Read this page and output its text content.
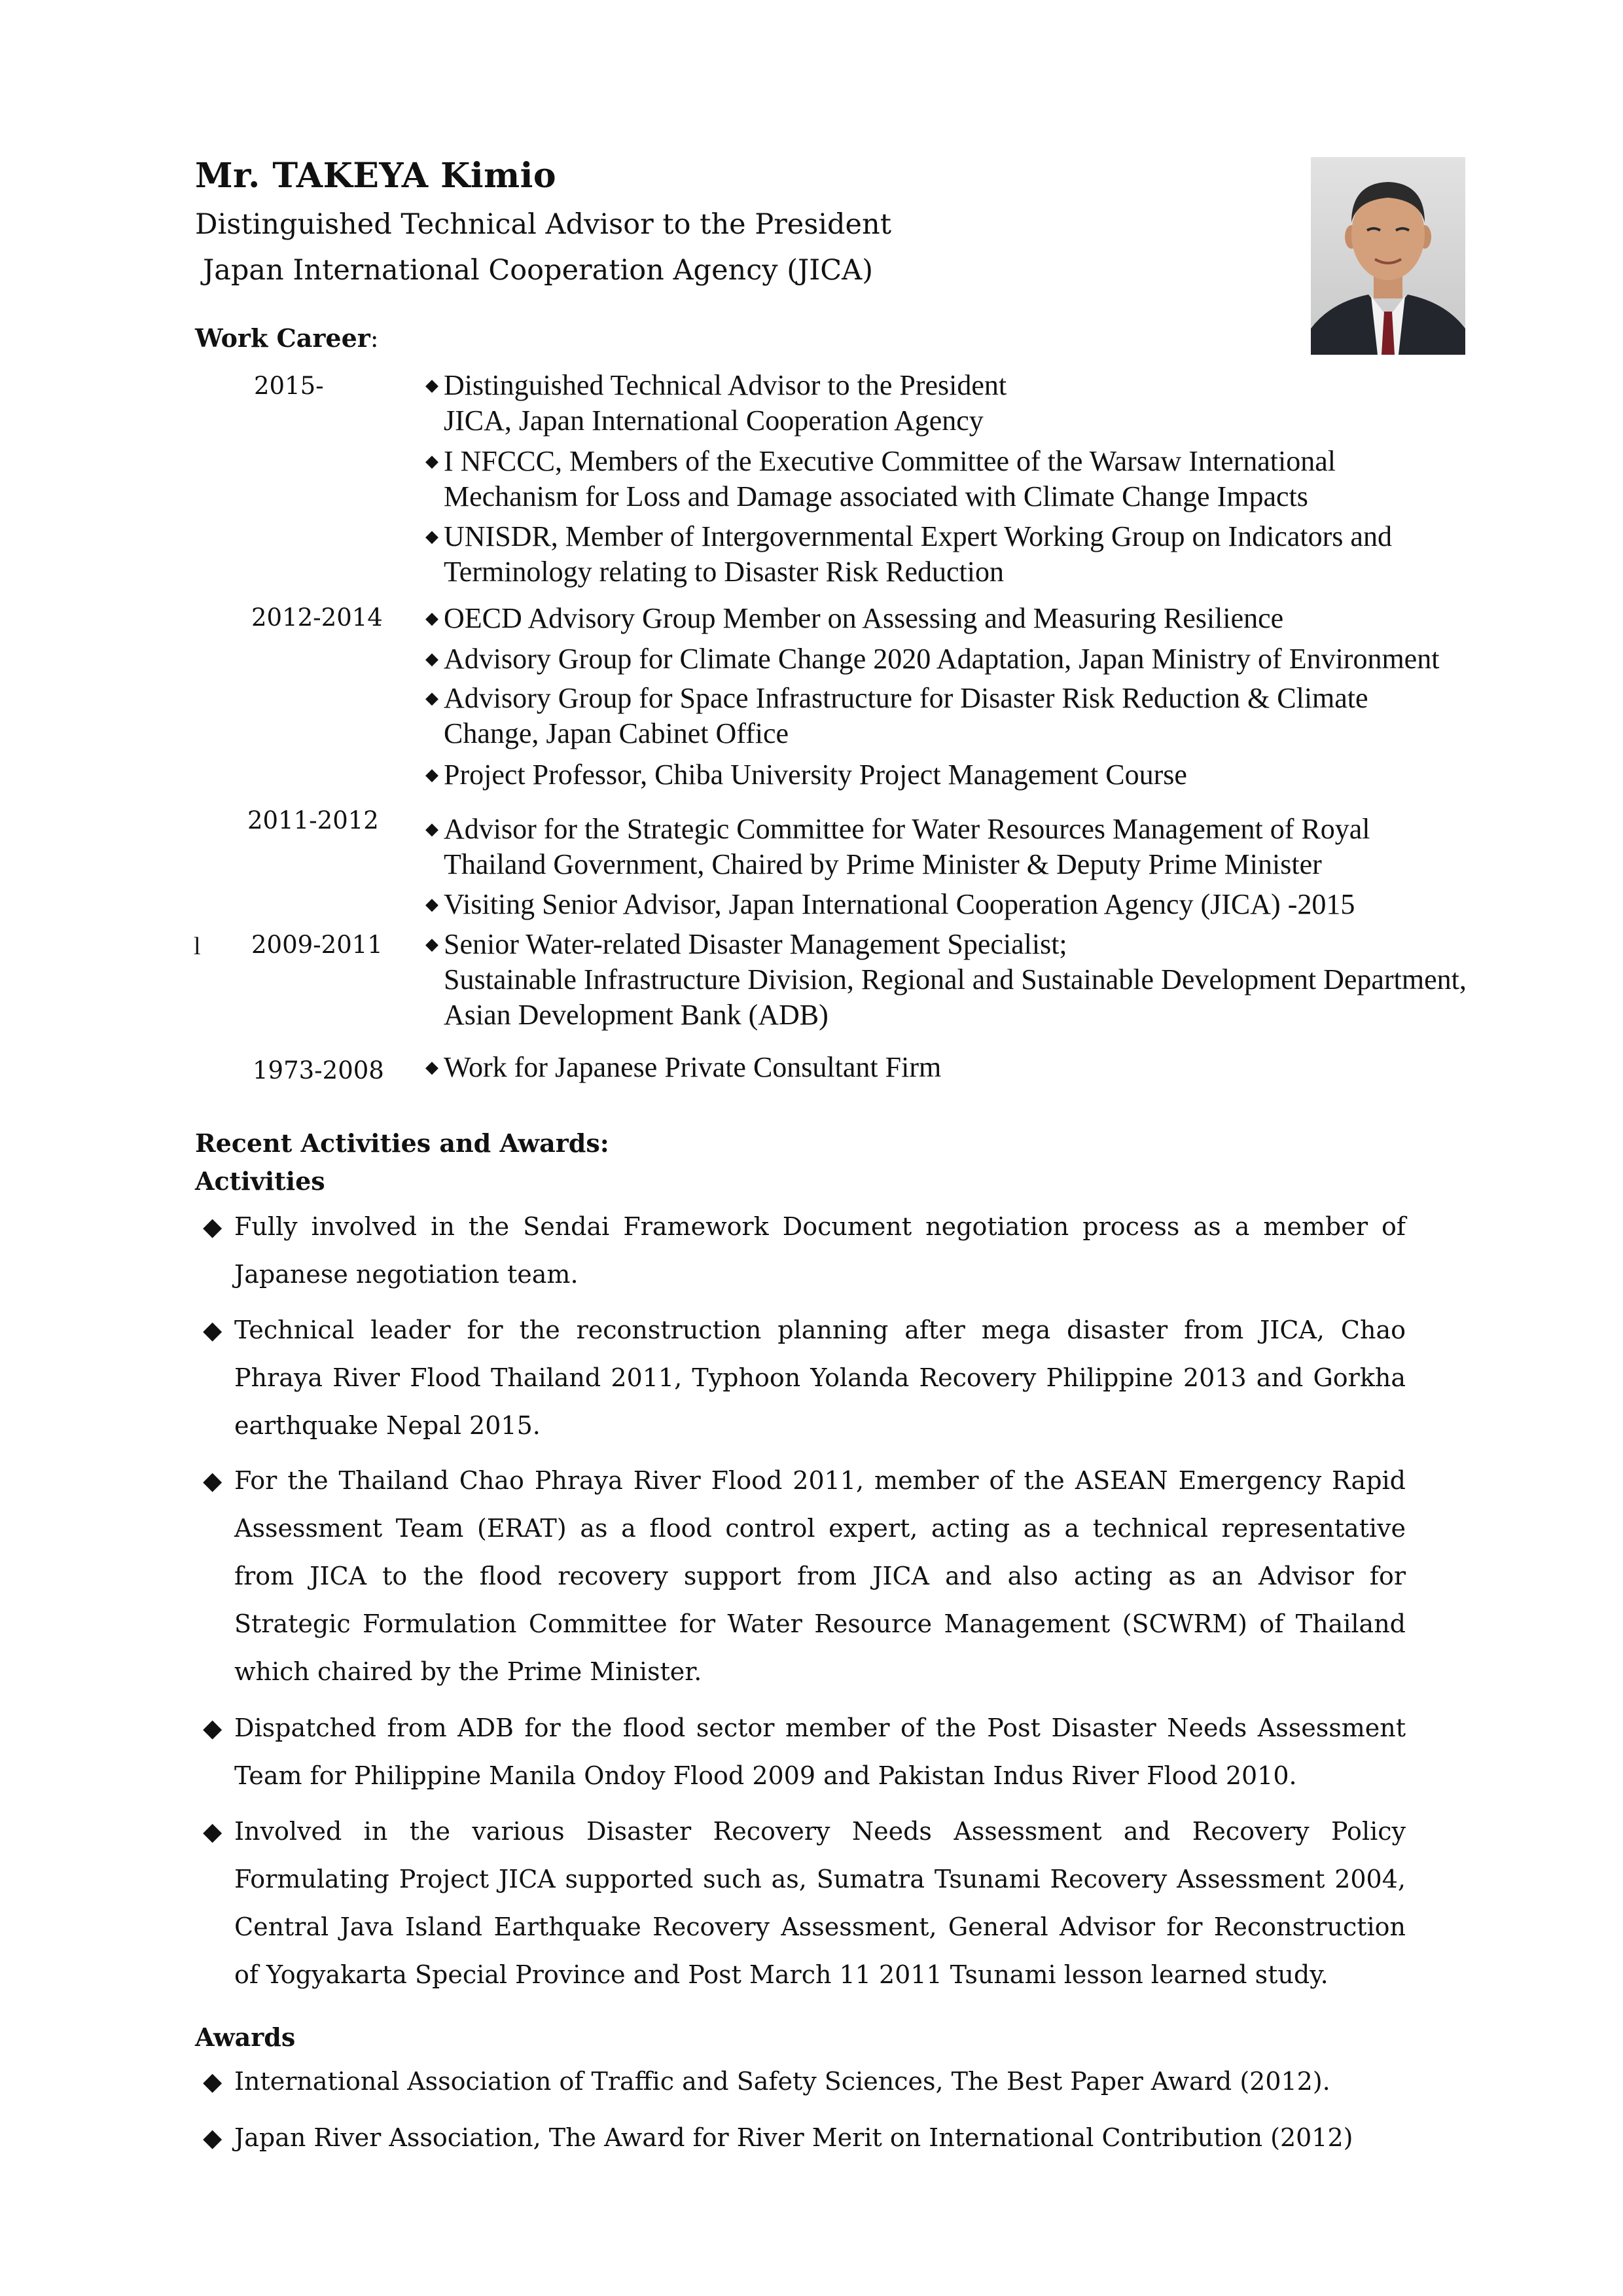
Mr. TAKEYA Kimio
Distinguished Technical Advisor to the President
Japan International Cooperation Agency (JICA)
Work Career:
l
2015-	◆ Distinguished Technical Advisor to the President
JICA, Japan International Cooperation Agency
◆ I NFCCC, Members of the Executive Committee of the Warsaw International
Mechanism for Loss and Damage associated with Climate Change Impacts
◆ UNISDR, Member of Intergovernmental Expert Working Group on Indicators and
Terminology relating to Disaster Risk Reduction
2012-2014	◆ OECD Advisory Group Member on Assessing and Measuring Resilience
◆ Advisory Group for Climate Change 2020 Adaptation, Japan Ministry of Environment
◆ Advisory Group for Space Infrastructure for Disaster Risk Reduction & Climate
Change, Japan Cabinet Office
◆ Project Professor, Chiba University Project Management Course
2011-2012	◆ Advisor for the Strategic Committee for Water Resources Management of Royal
Thailand Government, Chaired by Prime Minister & Deputy Prime Minister
◆ Visiting Senior Advisor, Japan International Cooperation Agency (JICA) -2015
2009-2011	◆ Senior Water-related Disaster Management Specialist;
Sustainable Infrastructure Division, Regional and Sustainable Development Department,
Asian Development Bank (ADB)
1973-2008 ◆ Work for Japanese Private Consultant Firm
Recent Activities and Awards:
Activities
◆ Fully involved in the Sendai Framework Document negotiation process as a member of Japanese negotiation team.
◆ Technical leader for the reconstruction planning after mega disaster from JICA, Chao Phraya River Flood Thailand 2011, Typhoon Yolanda Recovery Philippine 2013 and Gorkha earthquake Nepal 2015.
◆ For the Thailand Chao Phraya River Flood 2011, member of the ASEAN Emergency Rapid Assessment Team (ERAT) as a flood control expert, acting as a technical representative from JICA to the flood recovery support from JICA and also acting as an Advisor for Strategic Formulation Committee for Water Resource Management (SCWRM) of Thailand which chaired by the Prime Minister.
◆ Dispatched from ADB for the flood sector member of the Post Disaster Needs Assessment Team for Philippine Manila Ondoy Flood 2009 and Pakistan Indus River Flood 2010.
◆ Involved in the various Disaster Recovery Needs Assessment and Recovery Policy Formulating Project JICA supported such as, Sumatra Tsunami Recovery Assessment 2004, Central Java Island Earthquake Recovery Assessment, General Advisor for Reconstruction of Yogyakarta Special Province and Post March 11 2011 Tsunami lesson learned study.
Awards
◆ International Association of Traffic and Safety Sciences, The Best Paper Award (2012).
◆ Japan River Association, The Award for River Merit on International Contribution (2012)
